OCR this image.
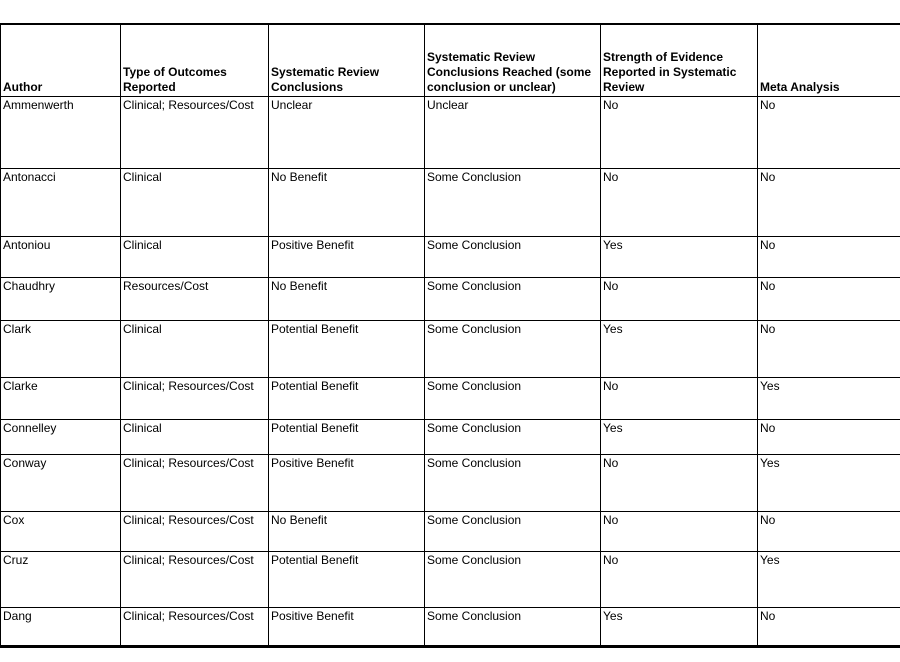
Author	Type of Outcomes Reported	Systematic Review Conclusions	Systematic Review Conclusions Reached (some conclusion or unclear)	Strength of Evidence Reported in Systematic Review	Meta Analysis
Ammenwerth	Clinical; Resources/Cost	Unclear	Unclear	No	No
Antonacci	Clinical	No Benefit	Some Conclusion	No	No
Antoniou	Clinical	Positive Benefit	Some Conclusion	Yes	No
Chaudhry	Resources/Cost	No Benefit	Some Conclusion	No	No
Clark	Clinical	Potential Benefit	Some Conclusion	Yes	No
Clarke	Clinical; Resources/Cost	Potential Benefit	Some Conclusion	No	Yes
Connelley	Clinical	Potential Benefit	Some Conclusion	Yes	No
Conway	Clinical; Resources/Cost	Positive Benefit	Some Conclusion	No	Yes
Cox	Clinical; Resources/Cost	No Benefit	Some Conclusion	No	No
Cruz	Clinical; Resources/Cost	Potential Benefit	Some Conclusion	No	Yes
Dang	Clinical; Resources/Cost	Positive Benefit	Some Conclusion	Yes	No
